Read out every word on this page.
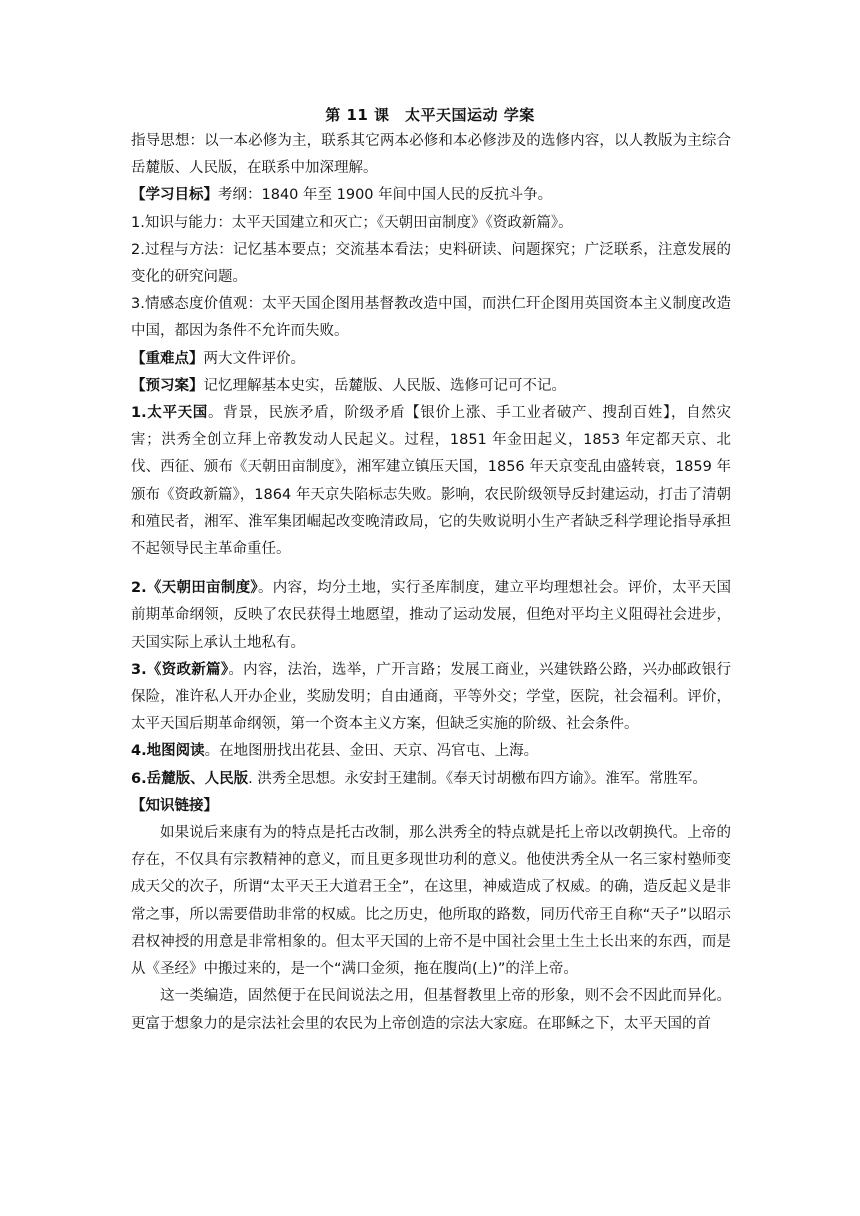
第 11 课　太平天国运动 学案

指导思想：以一本必修为主，联系其它两本必修和本必修涉及的选修内容，以人教版为主综合岳麓版、人民版，在联系中加深理解。

【学习目标】考纲：1840 年至 1900 年间中国人民的反抗斗争。

1.知识与能力：太平天国建立和灭亡；《天朝田亩制度》《资政新篇》。

2.过程与方法：记忆基本要点；交流基本看法；史料研读、问题探究；广泛联系，注意发展的变化的研究问题。

3.情感态度价值观：太平天国企图用基督教改造中国，而洪仁玕企图用英国资本主义制度改造中国，都因为条件不允许而失败。

【重难点】两大文件评价。

【预习案】记忆理解基本史实，岳麓版、人民版、选修可记可不记。

1.太平天国。背景，民族矛盾，阶级矛盾【银价上涨、手工业者破产、搜刮百姓】，自然灾害；洪秀全创立拜上帝教发动人民起义。过程，1851 年金田起义，1853 年定都天京、北伐、西征、颁布《天朝田亩制度》，湘军建立镇压天国，1856 年天京变乱由盛转衰，1859 年颁布《资政新篇》，1864 年天京失陷标志失败。影响，农民阶级领导反封建运动，打击了清朝和殖民者，湘军、淮军集团崛起改变晚清政局，它的失败说明小生产者缺乏科学理论指导承担不起领导民主革命重任。

2.《天朝田亩制度》。内容，均分土地，实行圣库制度，建立平均理想社会。评价，太平天国前期革命纲领，反映了农民获得土地愿望，推动了运动发展，但绝对平均主义阻碍社会进步，天国实际上承认土地私有。

3.《资政新篇》。内容，法治，选举，广开言路；发展工商业，兴建铁路公路，兴办邮政银行保险，准许私人开办企业，奖励发明；自由通商，平等外交；学堂，医院，社会福利。评价，太平天国后期革命纲领，第一个资本主义方案，但缺乏实施的阶级、社会条件。

4.地图阅读。在地图册找出花县、金田、天京、冯官屯、上海。

6.岳麓版、人民版. 洪秀全思想。永安封王建制。《奉天讨胡檄布四方谕》。淮军。常胜军。

【知识链接】

如果说后来康有为的特点是托古改制，那么洪秀全的特点就是托上帝以改朝换代。上帝的存在，不仅具有宗教精神的意义，而且更多现世功利的意义。他使洪秀全从一名三家村塾师变成天父的次子，所谓“太平天王大道君王全”，在这里，神威造成了权威。的确，造反起义是非常之事，所以需要借助非常的权威。比之历史，他所取的路数，同历代帝王自称“天子”以昭示君权神授的用意是非常相象的。但太平天国的上帝不是中国社会里土生土长出来的东西，而是从《圣经》中搬过来的，是一个“满口金须，拖在腹尚(上)”的洋上帝。

这一类编造，固然便于在民间说法之用，但基督教里上帝的形象，则不会不因此而异化。更富于想象力的是宗法社会里的农民为上帝创造的宗法大家庭。在耶稣之下，太平天国的首
